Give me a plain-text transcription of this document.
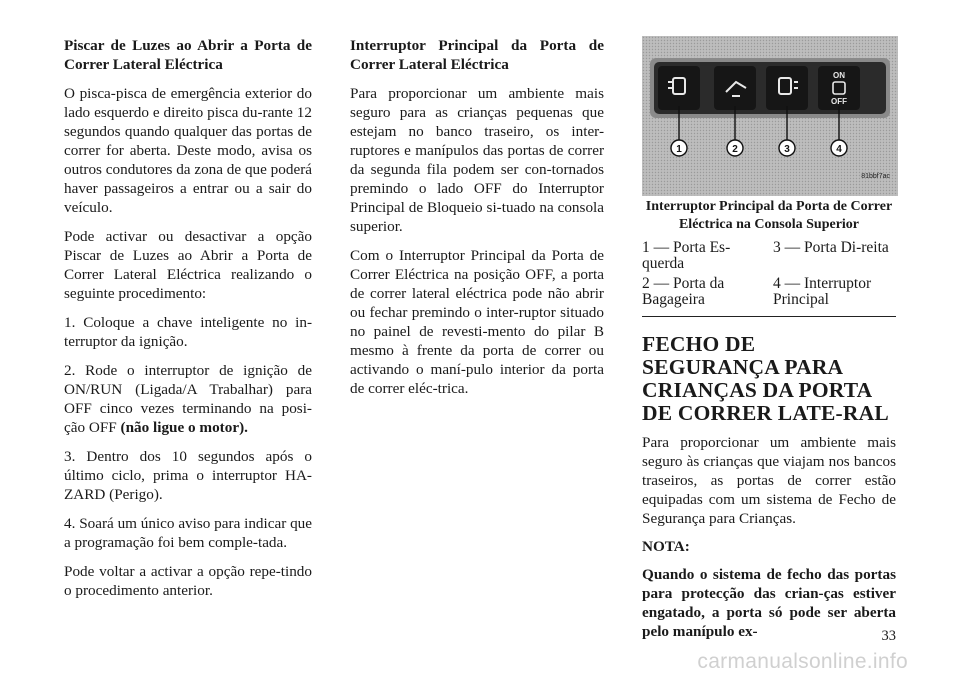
Piscar de Luzes ao Abrir a Porta de Correr Lateral Eléctrica

O pisca-pisca de emergência exterior do lado esquerdo e direito pisca du-rante 12 segundos quando qualquer das portas de correr for aberta. Deste modo, avisa os outros condutores da zona de que poderá haver passageiros a entrar ou a sair do veículo.

Pode activar ou desactivar a opção Piscar de Luzes ao Abrir a Porta de Correr Lateral Eléctrica realizando o seguinte procedimento:

1. Coloque a chave inteligente no in-terruptor da ignição.

2. Rode o interruptor de ignição de ON/RUN (Ligada/A Trabalhar) para OFF cinco vezes terminando na posi-ção OFF (não ligue o motor).

3. Dentro dos 10 segundos após o último ciclo, prima o interruptor HA-ZARD (Perigo).

4. Soará um único aviso para indicar que a programação foi bem comple-tada.

Pode voltar a activar a opção repe-tindo o procedimento anterior.

Interruptor Principal da Porta de Correr Lateral Eléctrica

Para proporcionar um ambiente mais seguro para as crianças pequenas que estejam no banco traseiro, os inter-ruptores e manípulos das portas de correr da segunda fila podem ser con-tornados premindo o lado OFF do Interruptor Principal de Bloqueio si-tuado na consola superior.

Com o Interruptor Principal da Porta de Correr Eléctrica na posição OFF, a porta de correr lateral eléctrica pode não abrir ou fechar premindo o inter-ruptor situado no painel de revesti-mento do pilar B mesmo à frente da porta de correr ou activando o maní-pulo interior da porta de correr eléc-trica.

ON
OFF
1	2	3	4
81bbf7ac
Interruptor Principal da Porta de Correr Eléctrica na Consola Superior
1 — Porta Es-querda
3 — Porta Di-reita
2 — Porta da Bagageira
4 — Interruptor Principal
FECHO DE SEGURANÇA PARA CRIANÇAS DA PORTA DE CORRER LATE-RAL

Para proporcionar um ambiente mais seguro às crianças que viajam nos bancos traseiros, as portas de correr estão equipadas com um sistema de Fecho de Segurança para Crianças.

NOTA:

Quando o sistema de fecho das portas para protecção das crian-ças estiver engatado, a porta só pode ser aberta pelo manípulo ex-	33
carmanualsonline.info
